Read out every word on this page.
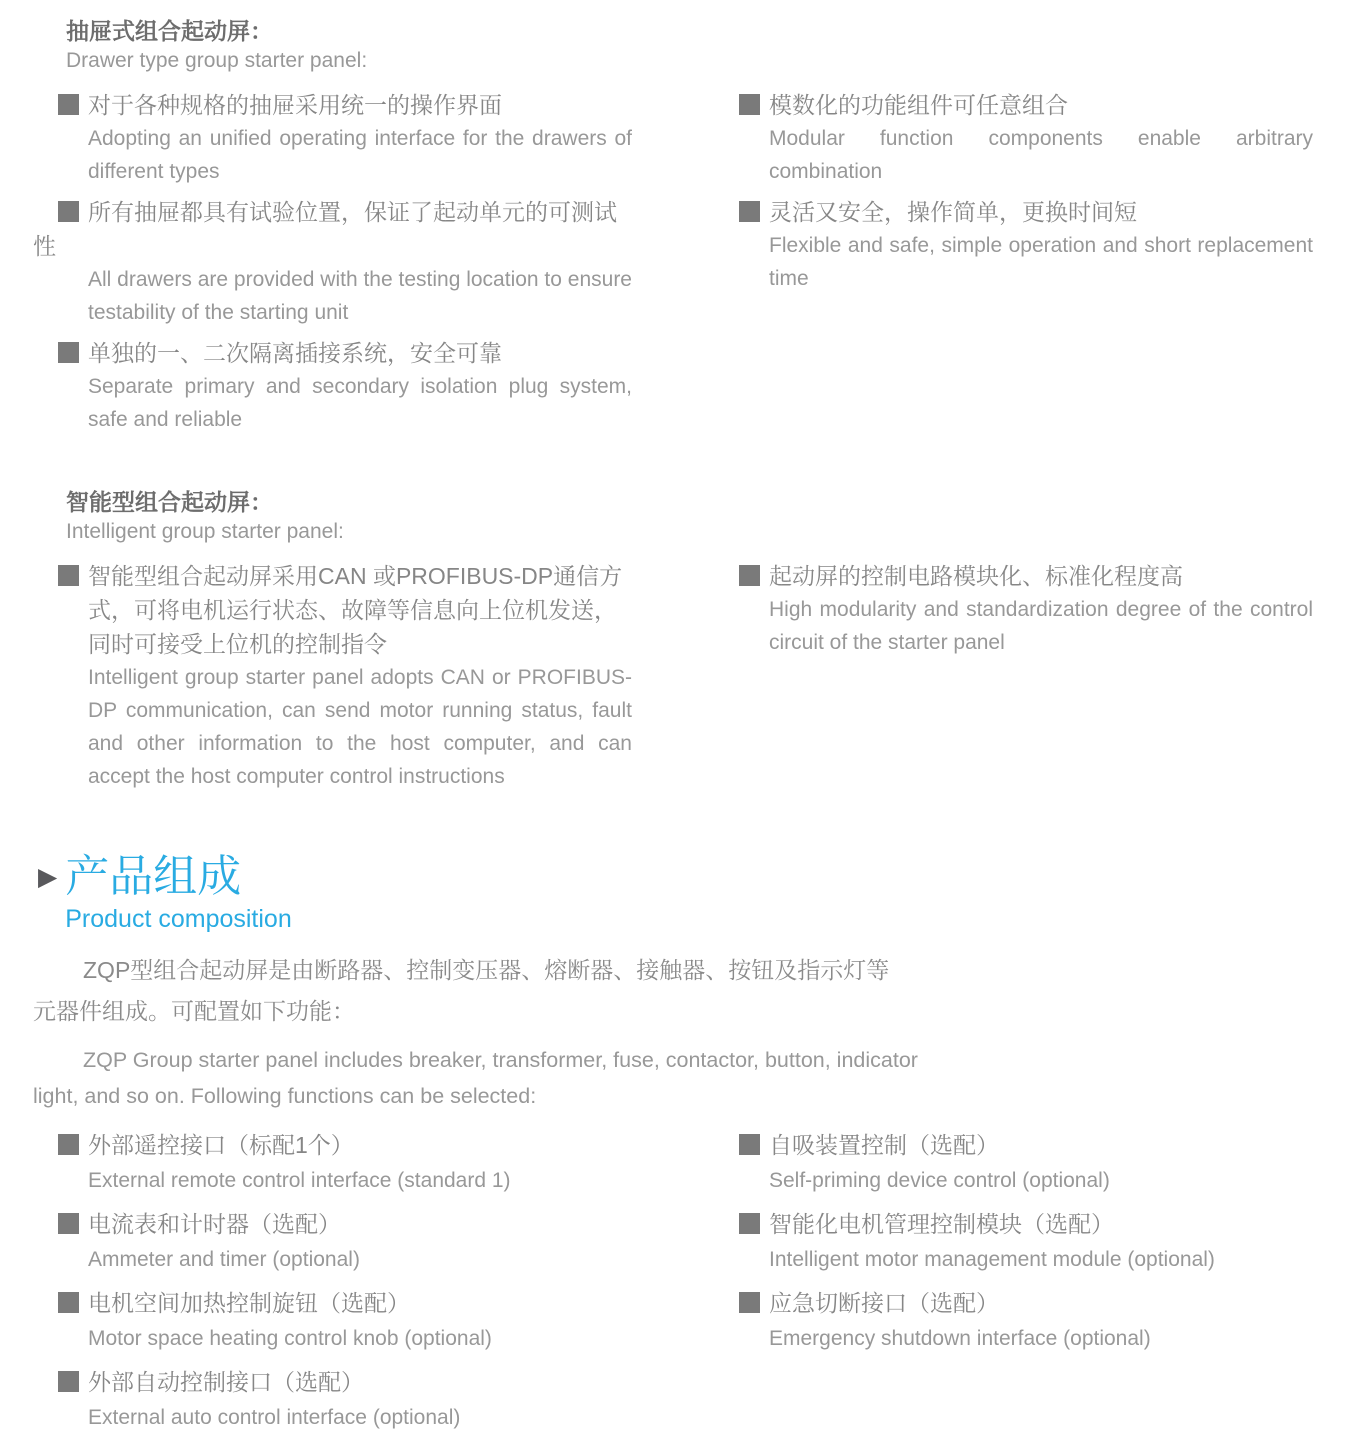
抽屉式组合起动屏：
Drawer type group starter panel:
对于各种规格的抽屉采用统一的操作界面
Adopting an unified operating interface for the drawers of different types
所有抽屉都具有试验位置，保证了起动单元的可测试
性
All drawers are provided with the testing location to ensure testability of the starting unit
单独的一、二次隔离插接系统，安全可靠
Separate primary and secondary isolation plug system, safe and reliable
模数化的功能组件可任意组合
Modular function components enable arbitrary combination
灵活又安全，操作简单，更换时间短
Flexible and safe, simple operation and short replacement time
智能型组合起动屏：
Intelligent group starter panel:
智能型组合起动屏采用CAN 或PROFIBUS-DP通信方式，可将电机运行状态、故障等信息向上位机发送，同时可接受上位机的控制指令
Intelligent group starter panel adopts CAN or PROFIBUS-DP communication, can send motor running status, fault and other information to the host computer, and can accept the host computer control instructions
起动屏的控制电路模块化、标准化程度高
High modularity and standardization degree of the control circuit of the starter panel
▶ 产品组成
Product composition
ZQP型组合起动屏是由断路器、控制变压器、熔断器、接触器、按钮及指示灯等元器件组成。可配置如下功能：
ZQP Group starter panel includes breaker, transformer, fuse, contactor, button, indicator light, and so on. Following functions can be selected:
外部遥控接口（标配1个）
External remote control interface (standard 1)
电流表和计时器（选配）
Ammeter and timer (optional)
电机空间加热控制旋钮（选配）
Motor space heating control knob (optional)
外部自动控制接口（选配）
External auto control interface (optional)
自吸装置控制（选配）
Self-priming device control (optional)
智能化电机管理控制模块（选配）
Intelligent motor management module (optional)
应急切断接口（选配）
Emergency shutdown interface (optional)
